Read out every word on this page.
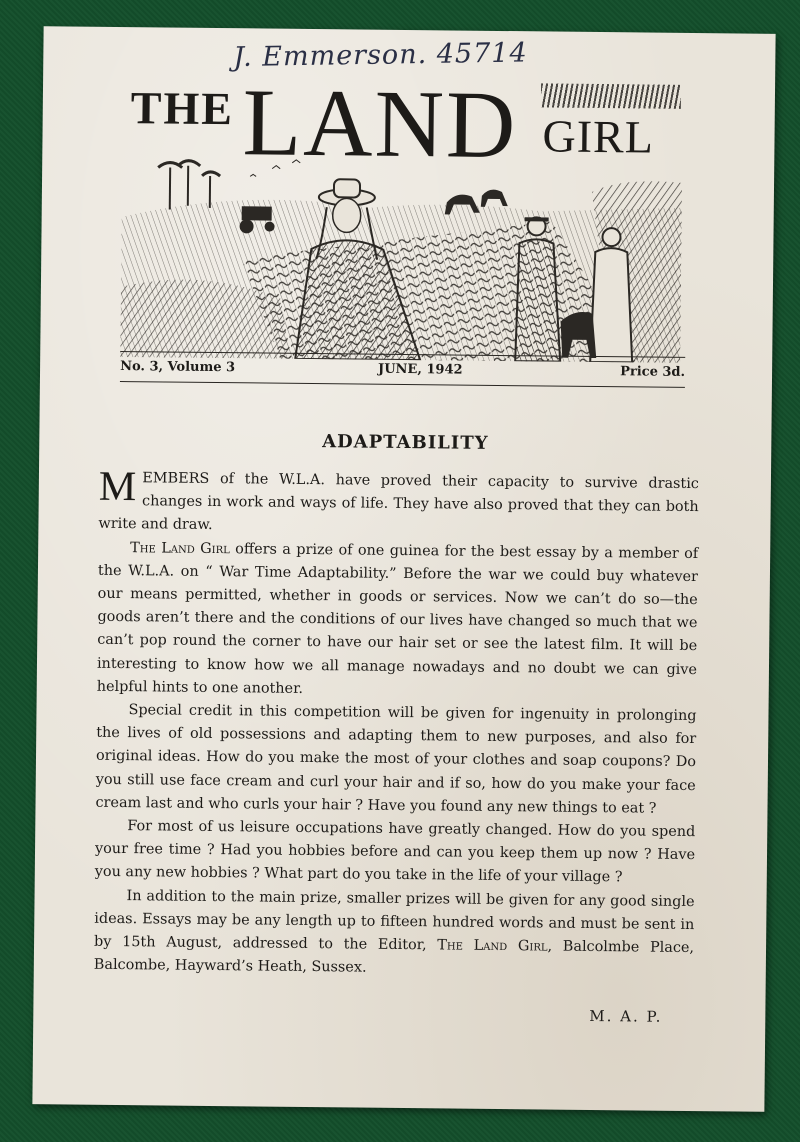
J. Emmerson. 45714
THE LAND GIRL
No. 3, Volume 3	JUNE, 1942	Price 3d.
ADAPTABILITY

MEMBERS of the W.L.A. have proved their capacity to survive drastic changes in work and ways of life. They have also proved that they can both write and draw.

The Land Girl offers a prize of one guinea for the best essay by a member of the W.L.A. on “ War Time Adaptability.” Before the war we could buy whatever our means permitted, whether in goods or services. Now we can’t do so—the goods aren’t there and the conditions of our lives have changed so much that we can’t pop round the corner to have our hair set or see the latest film. It will be interesting to know how we all manage nowadays and no doubt we can give helpful hints to one another.

Special credit in this competition will be given for ingenuity in prolonging the lives of old possessions and adapting them to new purposes, and also for original ideas. How do you make the most of your clothes and soap coupons? Do you still use face cream and curl your hair and if so, how do you make your face cream last and who curls your hair ? Have you found any new things to eat ?

For most of us leisure occupations have greatly changed. How do you spend your free time ? Had you hobbies before and can you keep them up now ? Have you any new hobbies ? What part do you take in the life of your village ?

In addition to the main prize, smaller prizes will be given for any good single ideas. Essays may be any length up to fifteen hundred words and must be sent in by 15th August, addressed to the Editor, The Land Girl, Balcolmbe Place, Balcombe, Hayward’s Heath, Sussex.

M. A. P.
